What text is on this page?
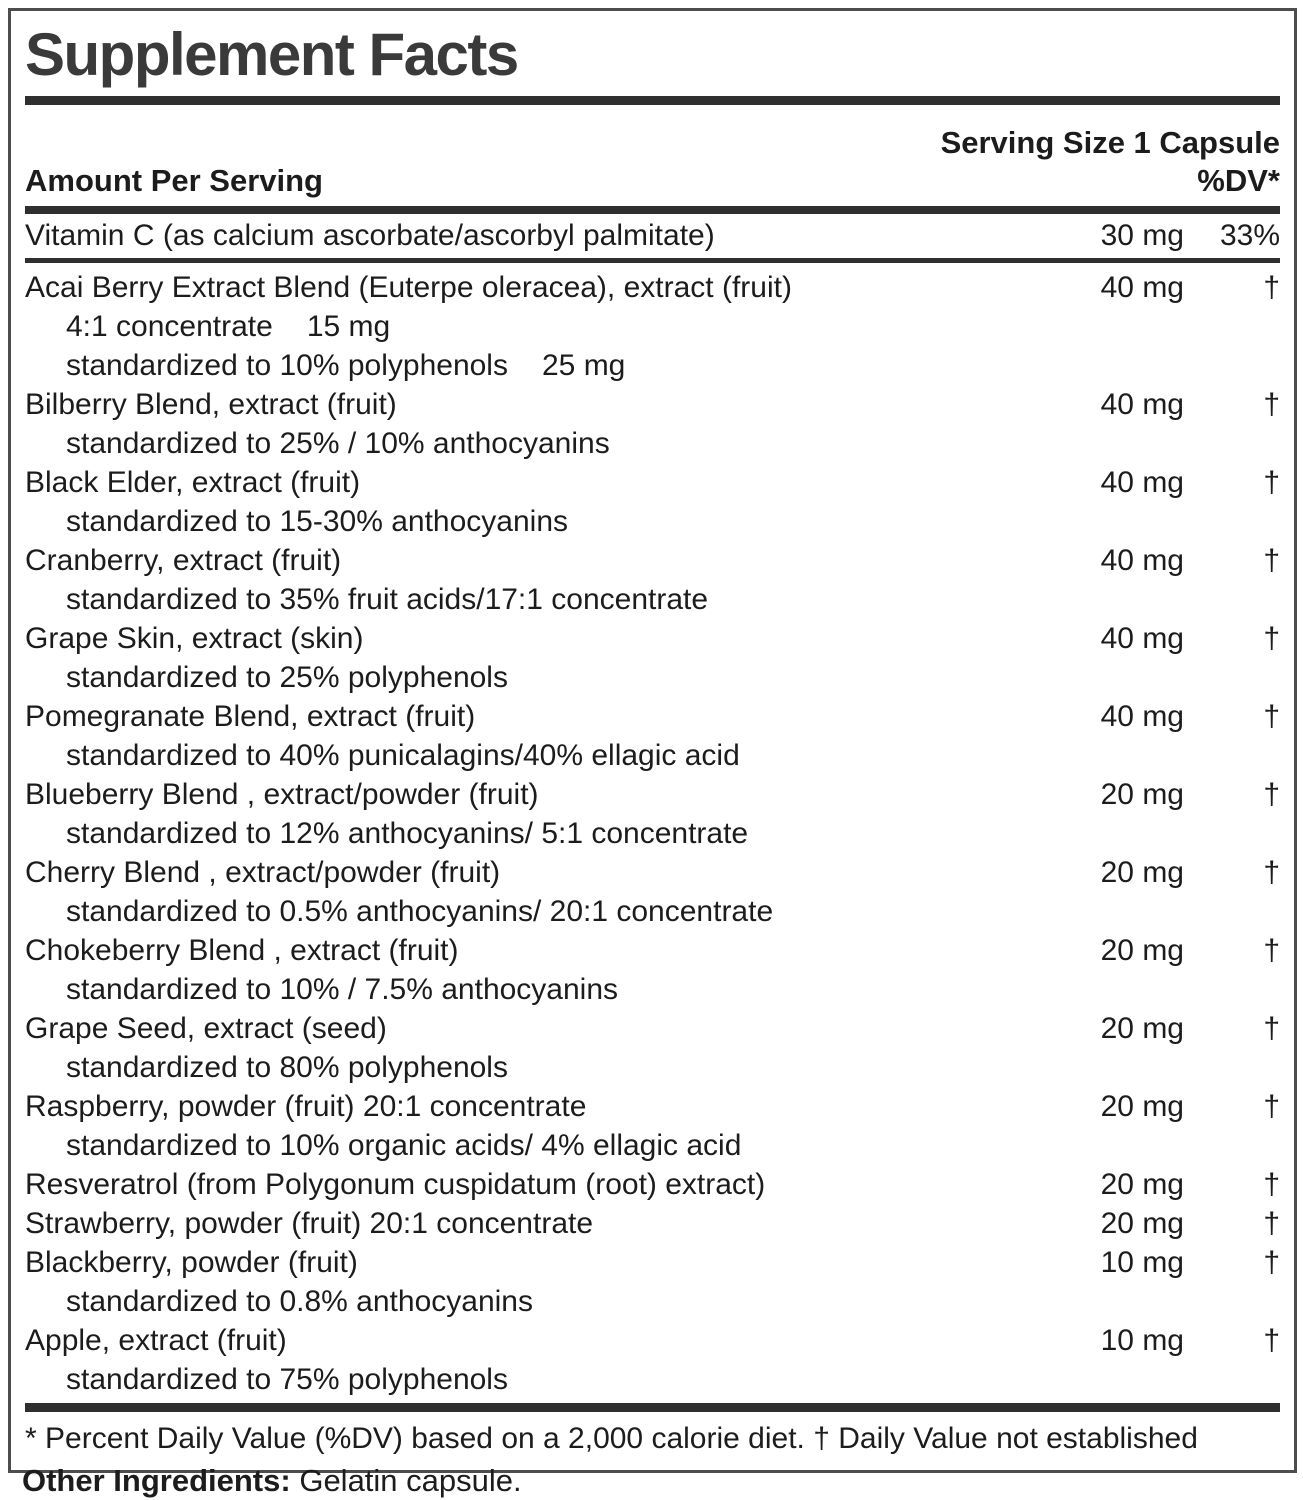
Supplement Facts
Serving Size 1 Capsule
Amount Per Serving	%DV*
Vitamin C (as calcium ascorbate/ascorbyl palmitate)	30 mg	33%
Acai Berry Extract Blend (Euterpe oleracea), extract (fruit)	40 mg	†
4:1 concentrate 15 mg
standardized to 10% polyphenols 25 mg
Bilberry Blend, extract (fruit)	40 mg	†
standardized to 25% / 10% anthocyanins
Black Elder, extract (fruit)	40 mg	†
standardized to 15-30% anthocyanins
Cranberry, extract (fruit)	40 mg	†
standardized to 35% fruit acids/17:1 concentrate
Grape Skin, extract (skin)	40 mg	†
standardized to 25% polyphenols
Pomegranate Blend, extract (fruit)	40 mg	†
standardized to 40% punicalagins/40% ellagic acid
Blueberry Blend , extract/powder (fruit)	20 mg	†
standardized to 12% anthocyanins/ 5:1 concentrate
Cherry Blend , extract/powder (fruit)	20 mg	†
standardized to 0.5% anthocyanins/ 20:1 concentrate
Chokeberry Blend , extract (fruit)	20 mg	†
standardized to 10% / 7.5% anthocyanins
Grape Seed, extract (seed)	20 mg	†
standardized to 80% polyphenols
Raspberry, powder (fruit) 20:1 concentrate	20 mg	†
standardized to 10% organic acids/ 4% ellagic acid
Resveratrol (from Polygonum cuspidatum (root) extract)	20 mg	†
Strawberry, powder (fruit) 20:1 concentrate	20 mg	†
Blackberry, powder (fruit)	10 mg	†
standardized to 0.8% anthocyanins
Apple, extract (fruit)	10 mg	†
standardized to 75% polyphenols
* Percent Daily Value (%DV) based on a 2,000 calorie diet. † Daily Value not established
Other Ingredients: Gelatin capsule.
